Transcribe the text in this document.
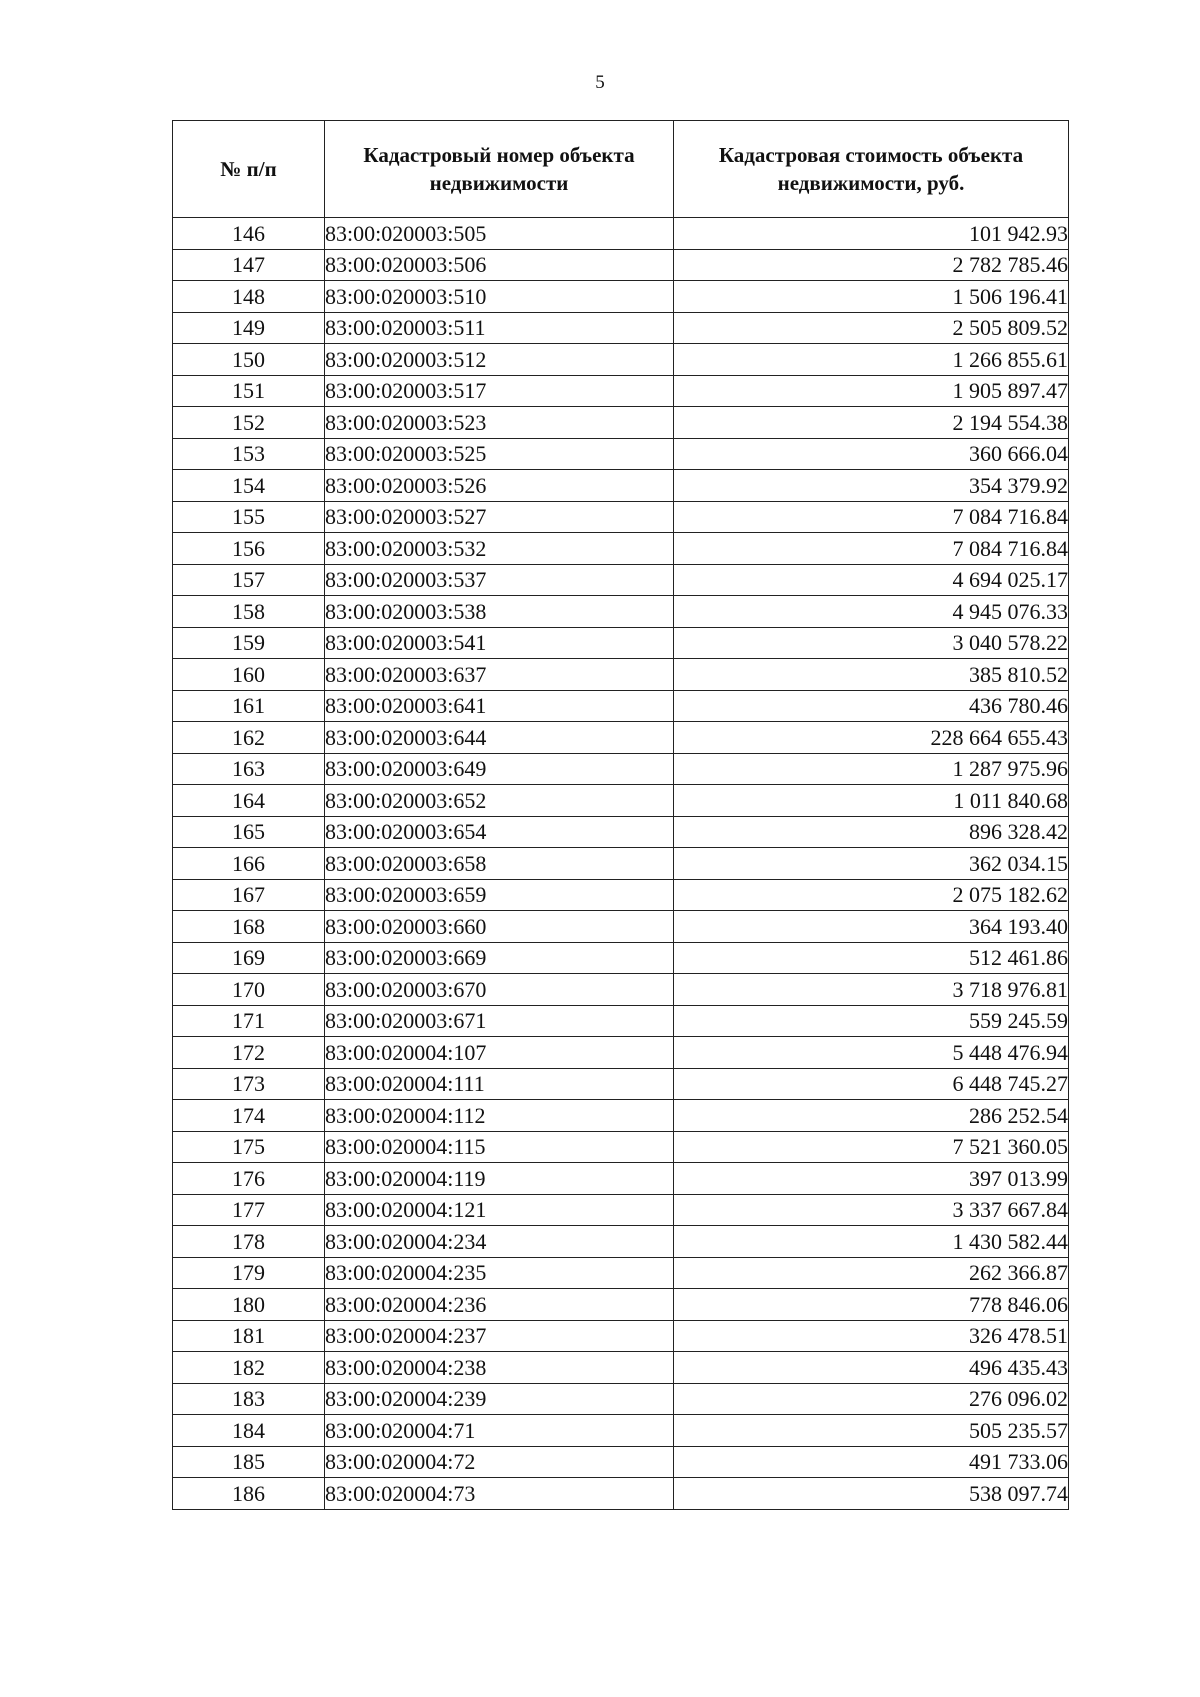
5
№ п/п	Кадастровый номер объекта недвижимости	Кадастровая стоимость объекта недвижимости, руб.
146	83:00:020003:505	101 942.93
147	83:00:020003:506	2 782 785.46
148	83:00:020003:510	1 506 196.41
149	83:00:020003:511	2 505 809.52
150	83:00:020003:512	1 266 855.61
151	83:00:020003:517	1 905 897.47
152	83:00:020003:523	2 194 554.38
153	83:00:020003:525	360 666.04
154	83:00:020003:526	354 379.92
155	83:00:020003:527	7 084 716.84
156	83:00:020003:532	7 084 716.84
157	83:00:020003:537	4 694 025.17
158	83:00:020003:538	4 945 076.33
159	83:00:020003:541	3 040 578.22
160	83:00:020003:637	385 810.52
161	83:00:020003:641	436 780.46
162	83:00:020003:644	228 664 655.43
163	83:00:020003:649	1 287 975.96
164	83:00:020003:652	1 011 840.68
165	83:00:020003:654	896 328.42
166	83:00:020003:658	362 034.15
167	83:00:020003:659	2 075 182.62
168	83:00:020003:660	364 193.40
169	83:00:020003:669	512 461.86
170	83:00:020003:670	3 718 976.81
171	83:00:020003:671	559 245.59
172	83:00:020004:107	5 448 476.94
173	83:00:020004:111	6 448 745.27
174	83:00:020004:112	286 252.54
175	83:00:020004:115	7 521 360.05
176	83:00:020004:119	397 013.99
177	83:00:020004:121	3 337 667.84
178	83:00:020004:234	1 430 582.44
179	83:00:020004:235	262 366.87
180	83:00:020004:236	778 846.06
181	83:00:020004:237	326 478.51
182	83:00:020004:238	496 435.43
183	83:00:020004:239	276 096.02
184	83:00:020004:71	505 235.57
185	83:00:020004:72	491 733.06
186	83:00:020004:73	538 097.74
